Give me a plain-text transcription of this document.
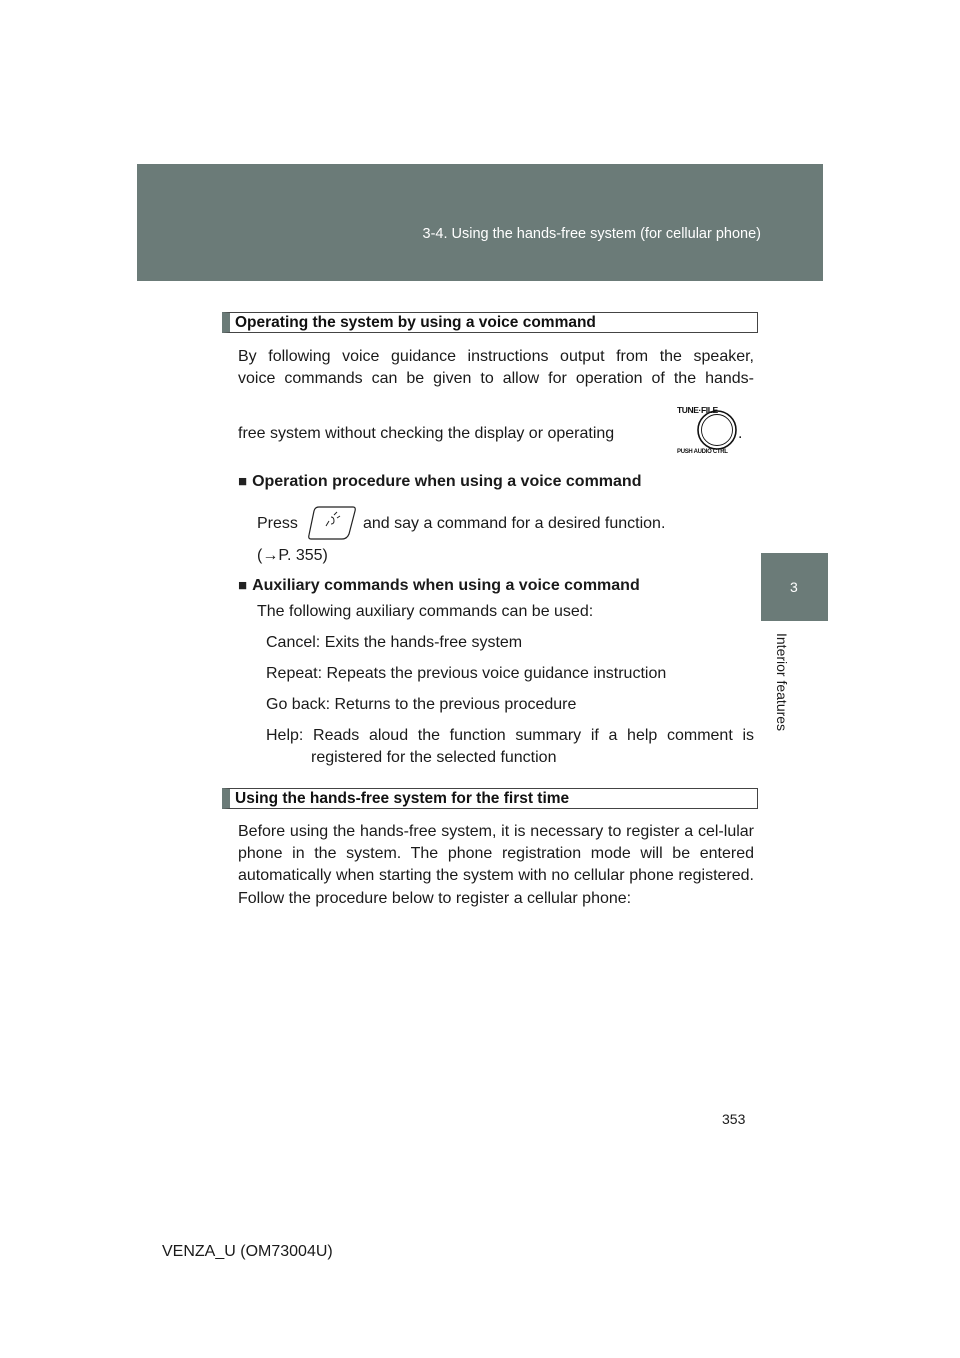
3-4. Using the hands-free system (for cellular phone)
3
Interior features
Operating the system by using a voice command
By following voice guidance instructions output from the speaker,
voice commands can be given to allow for operation of the hands-
free system without checking the display or operating
TUNE·FILE
PUSH AUDIO CTRL
.
■ Operation procedure when using a voice command
Press	and say a command for a desired function.
(→P. 355)
■ Auxiliary commands when using a voice command
The following auxiliary commands can be used:
Cancel: Exits the hands-free system
Repeat: Repeats the previous voice guidance instruction
Go back: Returns to the previous procedure
Help: Reads aloud the function summary if a help comment is
registered for the selected function
Using the hands-free system for the first time
Before using the hands-free system, it is necessary to register a cel-lular phone in the system. The phone registration mode will be entered automatically when starting the system with no cellular phone registered. Follow the procedure below to register a cellular phone:
353
VENZA_U (OM73004U)
